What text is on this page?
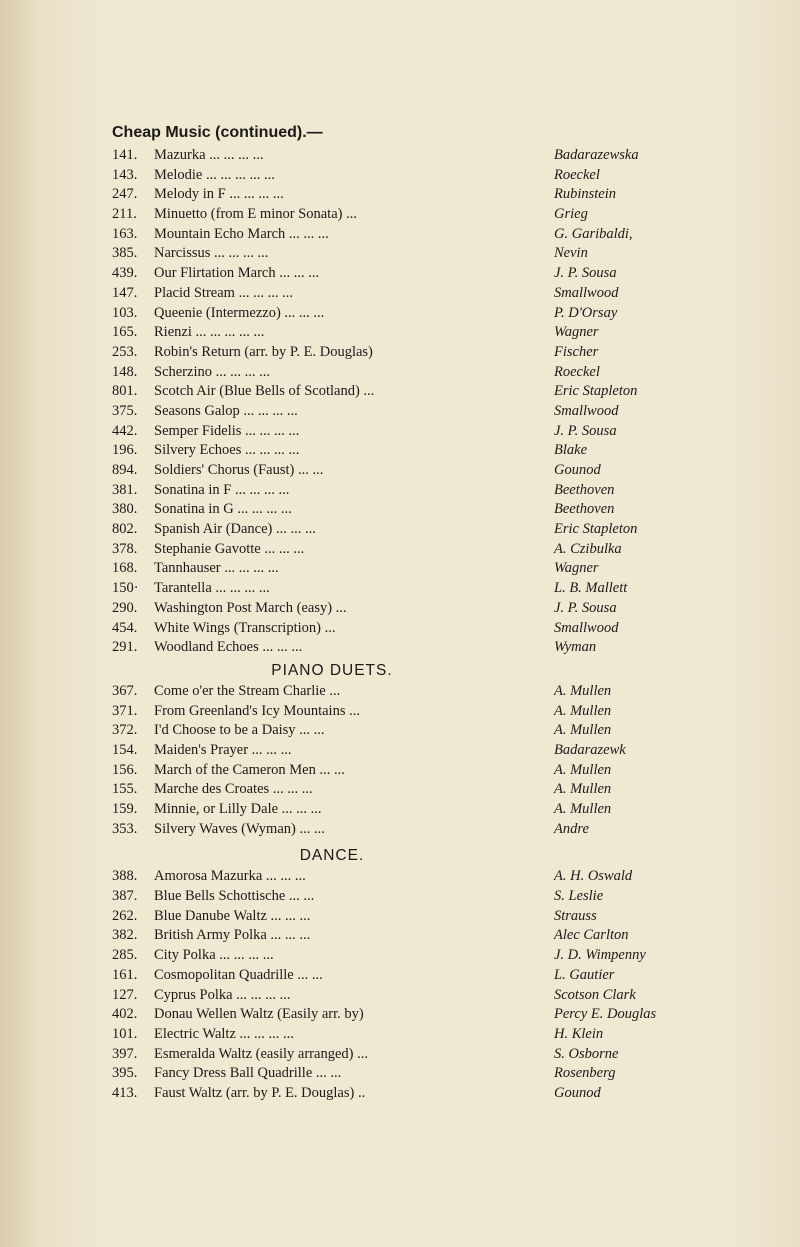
Cheap Music (continued).—
141.	Mazurka ... ... ... ...	Badarazewska
143.	Melodie ... ... ... ... ...	Roeckel
247.	Melody in F ... ... ... ...	Rubinstein
211.	Minuetto (from E minor Sonata) ...	Grieg
163.	Mountain Echo March ... ... ...	G. Garibaldi,
385.	Narcissus ... ... ... ...	Nevin
439.	Our Flirtation March ... ... ...	J. P. Sousa
147.	Placid Stream ... ... ... ...	Smallwood
103.	Queenie (Intermezzo) ... ... ...	P. D'Orsay
165.	Rienzi ... ... ... ... ...	Wagner
253.	Robin's Return (arr. by P. E. Douglas)	Fischer
148.	Scherzino ... ... ... ...	Roeckel
801.	Scotch Air (Blue Bells of Scotland) ...	Eric Stapleton
375.	Seasons Galop ... ... ... ...	Smallwood
442.	Semper Fidelis ... ... ... ...	J. P. Sousa
196.	Silvery Echoes ... ... ... ...	Blake
894.	Soldiers' Chorus (Faust) ... ...	Gounod
381.	Sonatina in F ... ... ... ...	Beethoven
380.	Sonatina in G ... ... ... ...	Beethoven
802.	Spanish Air (Dance) ... ... ...	Eric Stapleton
378.	Stephanie Gavotte ... ... ...	A. Czibulka
168.	Tannhauser ... ... ... ...	Wagner
150·	Tarantella ... ... ... ...	L. B. Mallett
290.	Washington Post March (easy) ...	J. P. Sousa
454.	White Wings (Transcription) ...	Smallwood
291.	Woodland Echoes ... ... ...	Wyman
PIANO DUETS.
367.	Come o'er the Stream Charlie ...	A. Mullen
371.	From Greenland's Icy Mountains ...	A. Mullen
372.	I'd Choose to be a Daisy ... ...	A. Mullen
154.	Maiden's Prayer ... ... ...	Badarazewk
156.	March of the Cameron Men ... ...	A. Mullen
155.	Marche des Croates ... ... ...	A. Mullen
159.	Minnie, or Lilly Dale ... ... ...	A. Mullen
353.	Silvery Waves (Wyman) ... ...	Andre
DANCE.
388.	Amorosa Mazurka ... ... ...	A. H. Oswald
387.	Blue Bells Schottische ... ...	S. Leslie
262.	Blue Danube Waltz ... ... ...	Strauss
382.	British Army Polka ... ... ...	Alec Carlton
285.	City Polka ... ... ... ...	J. D. Wimpenny
161.	Cosmopolitan Quadrille ... ...	L. Gautier
127.	Cyprus Polka ... ... ... ...	Scotson Clark
402.	Donau Wellen Waltz (Easily arr. by)	Percy E. Douglas
101.	Electric Waltz ... ... ... ...	H. Klein
397.	Esmeralda Waltz (easily arranged) ...	S. Osborne
395.	Fancy Dress Ball Quadrille ... ...	Rosenberg
413.	Faust Waltz (arr. by P. E. Douglas) ..	Gounod
